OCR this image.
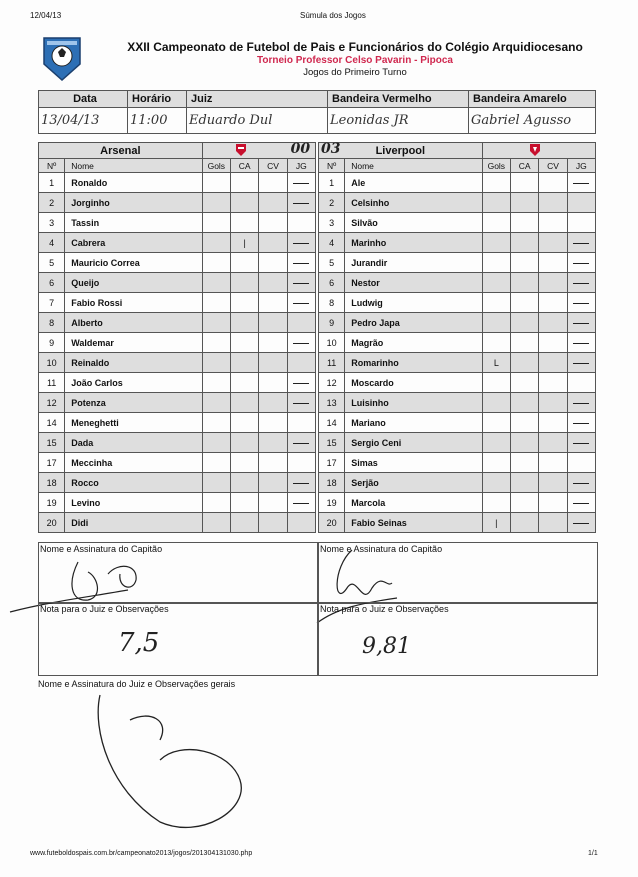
12/04/13	Súmula dos Jogos
XXII Campeonato de Futebol de Pais e Funcionários do Colégio Arquidiocesano
Torneio Professor Celso Pavarin - Pipoca
Jogos do Primeiro Turno
Data	Horário	Juiz	Bandeira Vermelho	Bandeira Amarelo
13/04/13	11:00	Eduardo Dul	Leonidas JR	Gabriel Agusso
Arsenal		00			

Nº	Nome	Gols	CA	CV	JG
1	Ronaldo				
2	Jorginho				
3	Tassin				
4	Cabrera		|		
5	Mauricio Correa				
6	Queijo				
7	Fabio Rossi				
8	Alberto				
9	Waldemar				
10	Reinaldo				
11	João Carlos				
12	Potenza				
14	Meneghetti				
15	Dada				
17	Meccinha				
18	Rocco				
19	Levino				
20	Didi				
03 Liverpool	

Nº	Nome	Gols	CA	CV	JG
1	Ale				
2	Celsinho				
3	Silvão				
4	Marinho				
5	Jurandir				
6	Nestor				
8	Ludwig				
9	Pedro Japa				
10	Magrão				
11	Romarinho	L			
12	Moscardo				
13	Luisinho				
14	Mariano				
15	Sergio Ceni				
17	Simas				
18	Serjão				
19	Marcola				
20	Fabio Seinas	|			
Nome e Assinatura do Capitão	Nome e Assinatura do Capitão
Nota para o Juiz e Observações	Nota para o Juiz e Observações
7,5	9,81
Nome e Assinatura do Juiz e Observações gerais
www.futeboldospais.com.br/campeonato2013/jogos/201304131030.php	1/1
